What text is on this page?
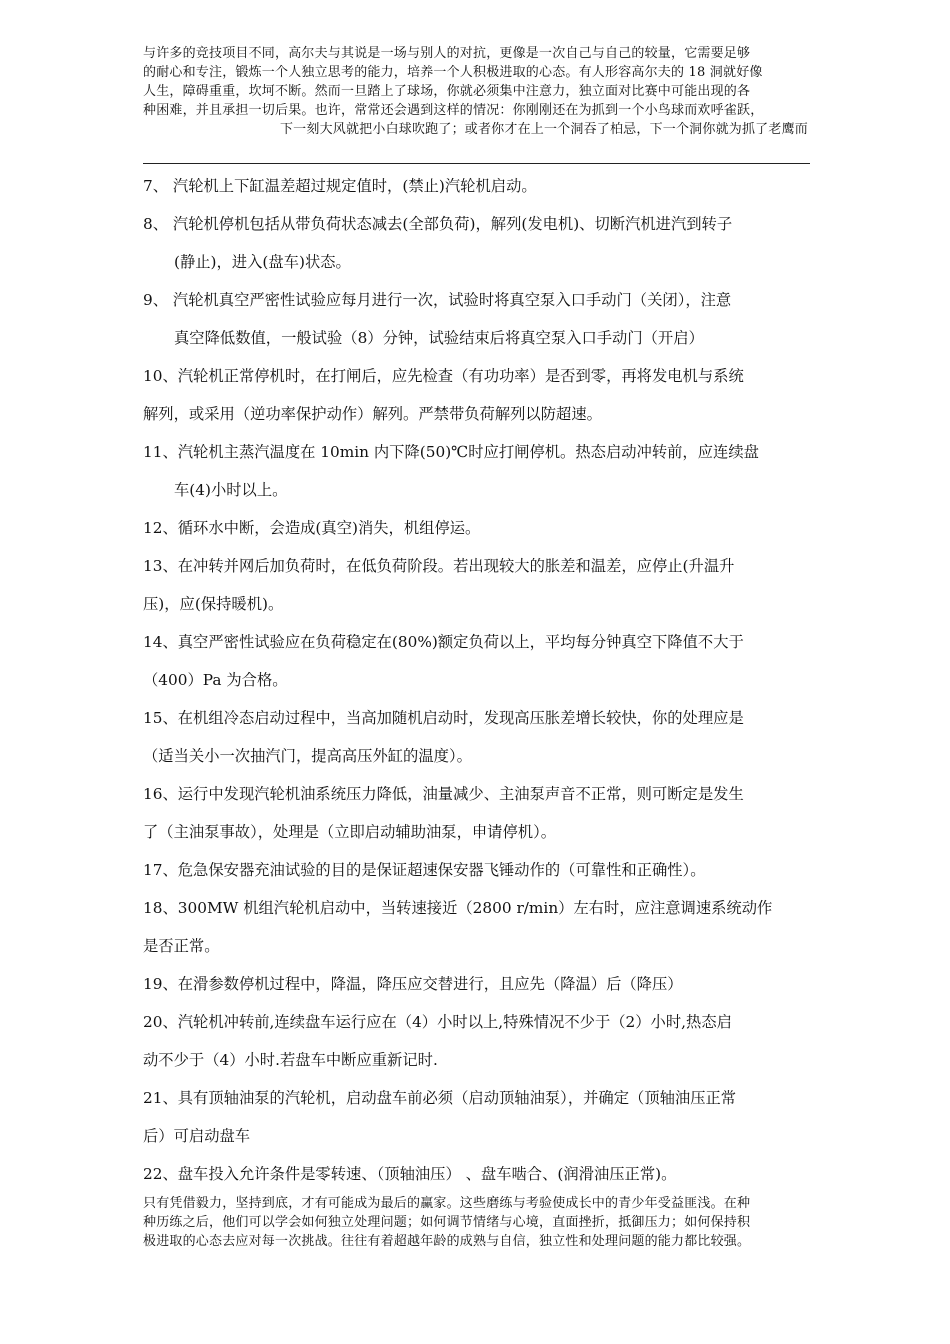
与许多的竞技项目不同，高尔夫与其说是一场与别人的对抗，更像是一次自己与自己的较量，它需要足够

的耐心和专注，锻炼一个人独立思考的能力，培养一个人积极进取的心态。有人形容高尔夫的 18 洞就好像

人生，障碍重重，坎坷不断。然而一旦踏上了球场，你就必须集中注意力，独立面对比赛中可能出现的各

种困难，并且承担一切后果。也许，常常还会遇到这样的情况：你刚刚还在为抓到一个小鸟球而欢呼雀跃，

下一刻大风就把小白球吹跑了；或者你才在上一个洞吞了柏忌，下一个洞你就为抓了老鹰而

7、 汽轮机上下缸温差超过规定值时，(禁止)汽轮机启动。
8、 汽轮机停机包括从带负荷状态减去(全部负荷)，解列(发电机)、切断汽机进汽到转子
(静止)，进入(盘车)状态。
9、 汽轮机真空严密性试验应每月进行一次，试验时将真空泵入口手动门（关闭），注意
真空降低数值，一般试验（8）分钟，试验结束后将真空泵入口手动门（开启）
10、汽轮机正常停机时，在打闸后，应先检查（有功功率）是否到零，再将发电机与系统
解列，或采用（逆功率保护动作）解列。严禁带负荷解列以防超速。
11、汽轮机主蒸汽温度在 10min 内下降(50)℃时应打闸停机。热态启动冲转前，应连续盘
车(4)小时以上。
12、循环水中断，会造成(真空)消失，机组停运。
13、在冲转并网后加负荷时，在低负荷阶段。若出现较大的胀差和温差，应停止(升温升
压)，应(保持暖机)。
14、真空严密性试验应在负荷稳定在(80%)额定负荷以上，平均每分钟真空下降值不大于
（400）Pa 为合格。
15、在机组冷态启动过程中，当高加随机启动时，发现高压胀差增长较快，你的处理应是
（适当关小一次抽汽门，提高高压外缸的温度）。
16、运行中发现汽轮机油系统压力降低，油量减少、主油泵声音不正常，则可断定是发生
了（主油泵事故），处理是（立即启动辅助油泵，申请停机）。
17、危急保安器充油试验的目的是保证超速保安器飞锤动作的（可靠性和正确性）。
18、300MW 机组汽轮机启动中，当转速接近（2800 r/min）左右时，应注意调速系统动作
是否正常。
19、在滑参数停机过程中，降温，降压应交替进行，且应先（降温）后（降压）
20、汽轮机冲转前,连续盘车运行应在（4）小时以上,特殊情况不少于（2）小时,热态启
动不少于（4）小时.若盘车中断应重新记时.
21、具有顶轴油泵的汽轮机，启动盘车前必须（启动顶轴油泵），并确定（顶轴油压正常
后）可启动盘车
22、盘车投入允许条件是零转速、（顶轴油压） 、盘车啮合、(润滑油压正常)。

只有凭借毅力，坚持到底，才有可能成为最后的赢家。这些磨练与考验使成长中的青少年受益匪浅。在种

种历练之后，他们可以学会如何独立处理问题；如何调节情绪与心境，直面挫折，抵御压力；如何保持积

极进取的心态去应对每一次挑战。往往有着超越年龄的成熟与自信，独立性和处理问题的能力都比较强。
